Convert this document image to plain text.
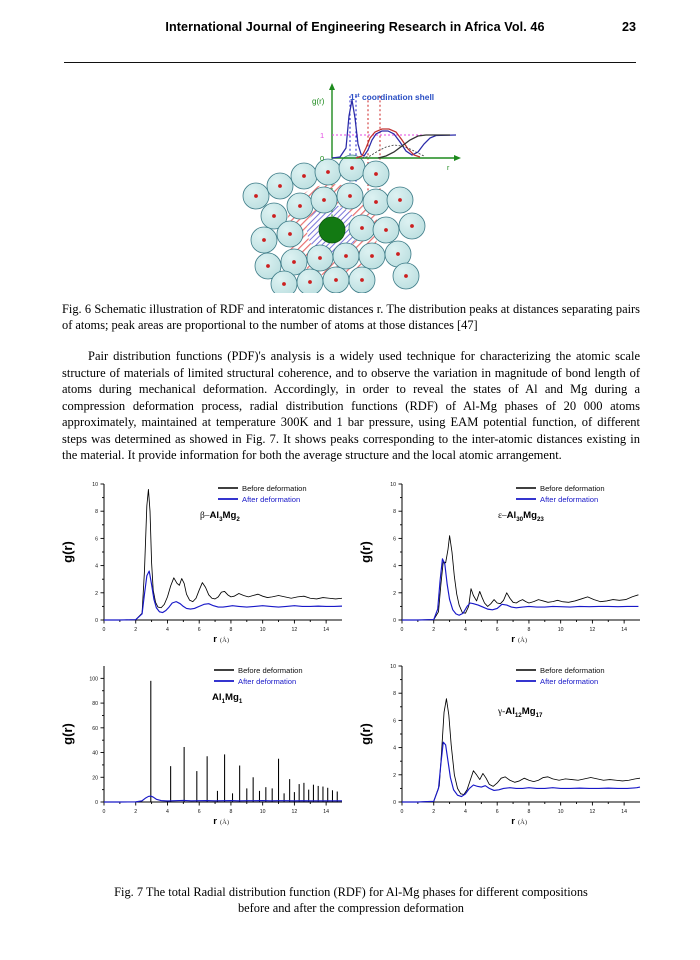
International Journal of Engineering Research in Africa Vol. 46	23
g(r)
r
1
0
1st coordination shell
Fig. 6 Schematic illustration of RDF and interatomic distances r. The distribution peaks at distances separating pairs of atoms; peak areas are proportional to the number of atoms at those distances [47]
Pair distribution functions (PDF)'s analysis is a widely used technique for characterizing the atomic scale structure of materials of limited structural coherence, and to observe the variation in magnitude of bond length of atoms during mechanical deformation. Accordingly, in order to reveal the states of Al and Mg during a compression deformation process, radial distribution functions (RDF) of Al-Mg phases of 20 000 atoms approximately, maintained at temperature 300K and 1 bar pressure, using EAM potential function, of different steps was determined as showed in Fig. 7. It shows peaks corresponding to the inter-atomic distances existing in the material. It provide information for both the average structure and the local atomic arrangement.
0	2	4	6	8	10	12	14
0
2
4
6
8
10
g(r)
r (Å)
Before deformation
After deformation
$\beta-Al_3Mg_2$
0	2	4	6	8	10	12	14
0
2
4
6
8
10
g(r)
r (Å)
Before deformation
After deformation
$\varepsilon-Al_{30}Mg_{23}$
0	2	4	6	8	10	12	14
0
20
40
60
80
100
g(r)
r (Å)
Before deformation
After deformation
$Al_1Mg_1$
0	2	4	6	8	10	12	14
0
2
4
6
8
10
g(r)
r (Å)
Before deformation
After deformation
$\gamma-Al_{12}Mg_{17}$
Fig. 7 The total Radial distribution function (RDF) for Al-Mg phases for different compositions
before and after the compression deformation
